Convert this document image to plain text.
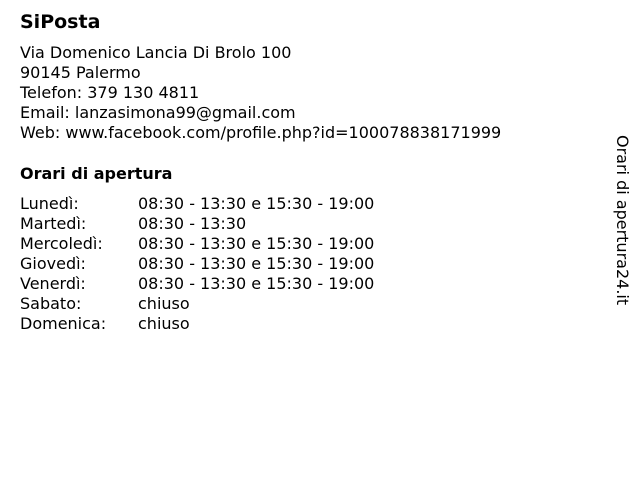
SiPosta
Via Domenico Lancia Di Brolo 100
90145 Palermo
Telefon: 379 130 4811
Email: lanzasimona99@gmail.com
Web: www.facebook.com/profile.php?id=100078838171999
Orari di apertura
Lunedì:	08:30 - 13:30 e 15:30 - 19:00
Martedì:	08:30 - 13:30
Mercoledì: 08:30 - 13:30 e 15:30 - 19:00
Giovedì:	08:30 - 13:30 e 15:30 - 19:00
Venerdì:	08:30 - 13:30 e 15:30 - 19:00
Sabato:	chiuso
Domenica: chiuso
Orari di apertura24.it
